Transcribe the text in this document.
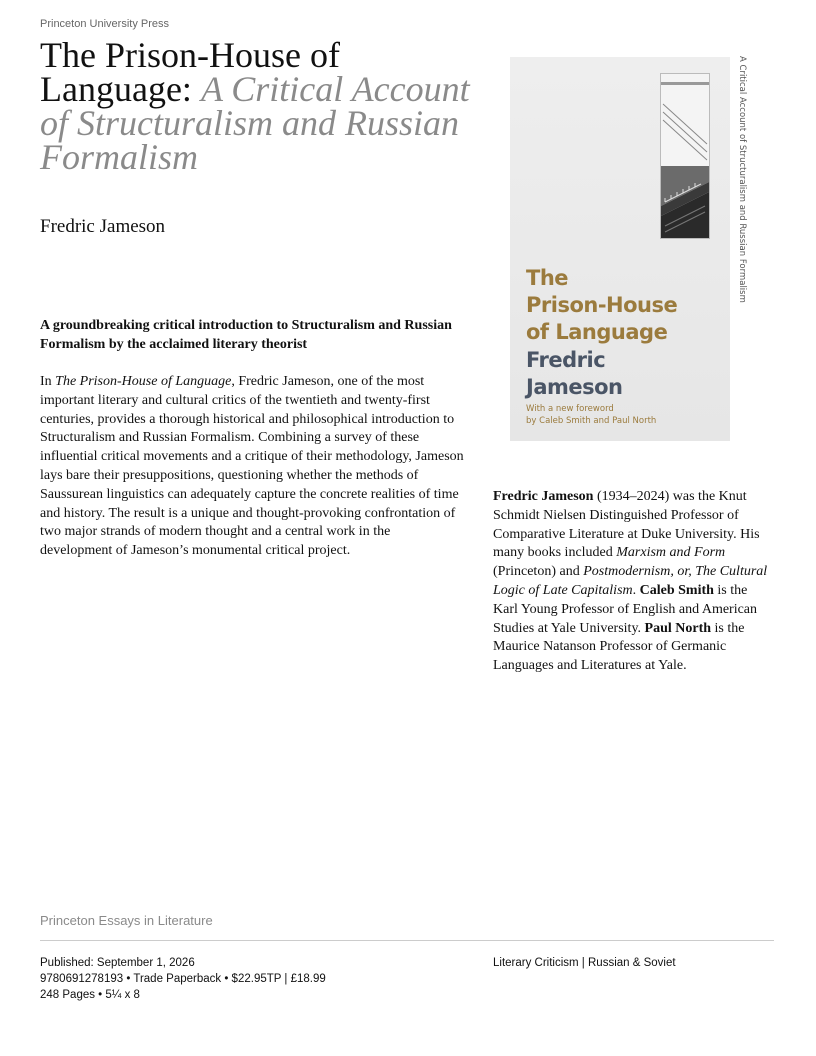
Princeton University Press
The Prison-House of Language: A Critical Account of Structuralism and Russian Formalism
Fredric Jameson
A groundbreaking critical introduction to Structuralism and Russian Formalism by the acclaimed literary theorist

In The Prison-House of Language, Fredric Jameson, one of the most important literary and cultural critics of the twentieth and twenty-first centuries, provides a thorough historical and philosophical introduction to Structuralism and Russian Formalism. Combining a survey of these influential critical movements and a critique of their methodology, Jameson lays bare their presuppositions, questioning whether the methods of Saussurean linguistics can adequately capture the concrete realities of time and history. The result is a unique and thought-provoking confrontation of two major strands of modern thought and a central work in the development of Jameson’s monumental critical project.

The
Prison-House
of Language
Fredric
Jameson
With a new foreword
by Caleb Smith and Paul North
A Critical Account of Structuralism and Russian Formalism

Fredric Jameson (1934–2024) was the Knut Schmidt Nielsen Distinguished Professor of Comparative Literature at Duke University. His many books included Marxism and Form (Princeton) and Postmodernism, or, The Cultural Logic of Late Capitalism. Caleb Smith is the Karl Young Professor of English and American Studies at Yale University. Paul North is the Maurice Natanson Professor of Germanic Languages and Literatures at Yale.

Princeton Essays in Literature
Published: September 1, 2026
9780691278193 • Trade Paperback • $22.95TP | £18.99
248 Pages • 5¼ x 8
Literary Criticism | Russian & Soviet
